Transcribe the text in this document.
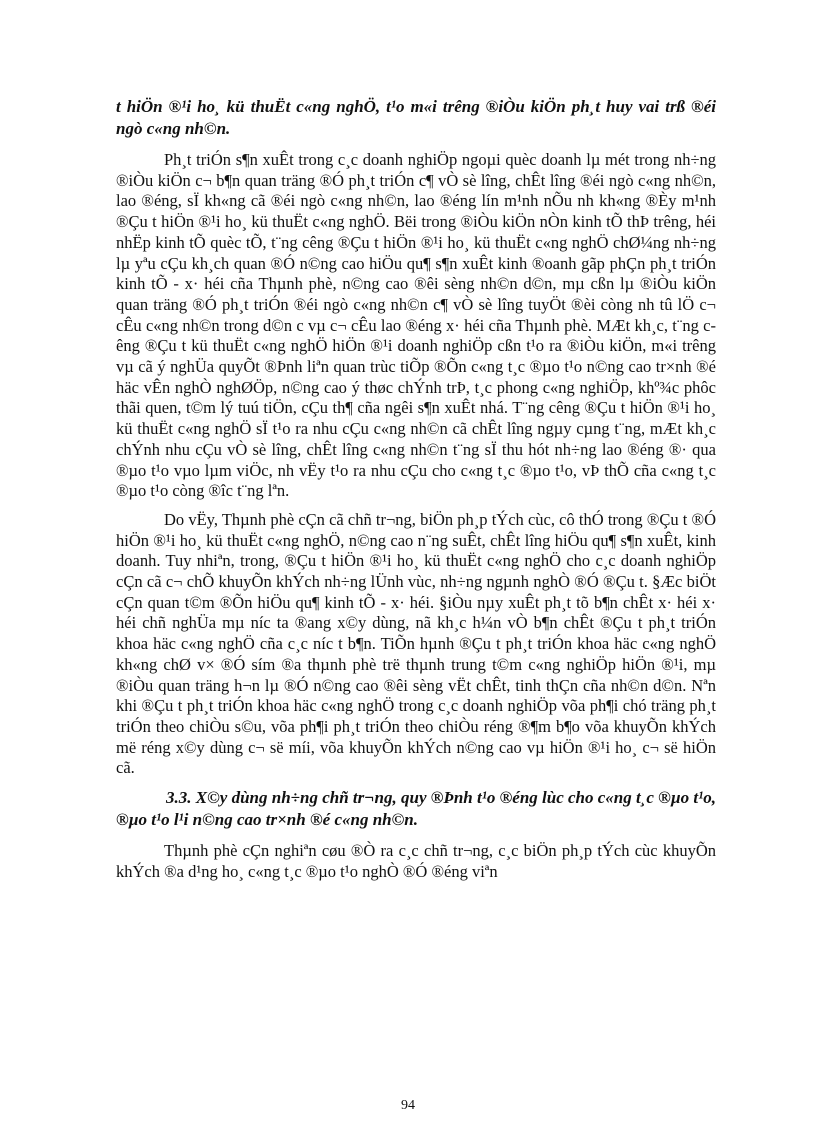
t hiÖn ®¹i ho¸ kü thuËt c«ng nghÖ, t¹o m«i trêng ®iÒu kiÖn ph¸t huy vai trß ®éi ngò c«ng nh©n.

Ph¸t triÓn s¶n xuÊt trong c¸c doanh nghiÖp ngoµi quèc doanh lµ mét trong nh÷ng ®iÒu kiÖn c¬ b¶n quan träng ®Ó ph¸t triÓn c¶ vÒ sè lîng, chÊt lîng ®éi ngò c«ng nh©n, lao ®éng, sÏ kh«ng cã ®éi ngò c«ng nh©n, lao ®éng lín m¹nh nÕu nh kh«ng ®Èy m¹nh ®Çu t hiÖn ®¹i ho¸ kü thuËt c«ng nghÖ. Bëi trong ®iÒu kiÖn nÒn kinh tÕ thÞ trêng, héi nhËp kinh tÕ quèc tÕ, t¨ng cêng ®Çu t hiÖn ®¹i ho¸ kü thuËt c«ng nghÖ chØ¼ng nh÷ng lµ yªu cÇu kh¸ch quan ®Ó n©ng cao hiÖu qu¶ s¶n xuÊt kinh ®oanh gãp phÇn ph¸t triÓn kinh tÕ - x· héi cña Thµnh phè, n©ng cao ®êi sèng nh©n d©n, mµ cßn lµ ®iÒu kiÖn quan träng ®Ó ph¸t triÓn ®éi ngò c«ng nh©n c¶ vÒ sè lîng tuyÖt ®èi còng nh tû lÖ c¬ cÊu c«ng nh©n trong d©n c vµ c¬ cÊu lao ®éng x· héi cña Thµnh phè. MÆt kh¸c, t¨ng cêng ®Çu t kü thuËt c«ng nghÖ hiÖn ®¹i doanh nghiÖp cßn t¹o ra ®iÒu kiÖn, m«i trêng vµ cã ý nghÜa quyÕt ®Þnh liªn quan trùc tiÕp ®Õn c«ng t¸c ®µo t¹o n©ng cao tr×nh ®é häc vÊn nghÒ nghØÖp, n©ng cao ý thøc chÝnh trÞ, t¸c phong c«ng nghiÖp, khº¾c phôc thãi quen, t©m lý tuú tiÖn, cÇu th¶ cña ngêi s¶n xuÊt nhá. T¨ng cêng ®Çu t hiÖn ®¹i ho¸ kü thuËt c«ng nghÖ sÏ t¹o ra nhu cÇu c«ng nh©n cã chÊt lîng ngµy cµng t¨ng, mÆt kh¸c chÝnh nhu cÇu vÒ sè lîng, chÊt lîng c«ng nh©n t¨ng sÏ thu hót nh÷ng lao ®éng ®· qua ®µo t¹o vµo lµm viÖc, nh vËy t¹o ra nhu cÇu cho c«ng t¸c ®µo t¹o, vÞ thÕ cña c«ng t¸c ®µo t¹o còng ®îc t¨ng lªn.

Do vËy, Thµnh phè cÇn cã chñ tr¬ng, biÖn ph¸p tÝch cùc, cô thÓ trong ®Çu t ®Ó hiÖn ®¹i ho¸ kü thuËt c«ng nghÖ, n©ng cao n¨ng suÊt, chÊt lîng hiÖu qu¶ s¶n xuÊt, kinh doanh. Tuy nhiªn, trong, ®Çu t hiÖn ®¹i ho¸ kü thuËt c«ng nghÖ cho c¸c doanh nghiÖp cÇn cã c¬ chÕ khuyÕn khÝch nh÷ng lÜnh vùc, nh÷ng ngµnh nghÒ ®Ó ®Çu t. §Æc biÖt cÇn quan t©m ®Õn hiÖu qu¶ kinh tÕ - x· héi. §iÒu nµy xuÊt ph¸t tõ b¶n chÊt x· héi x· héi chñ nghÜa mµ níc ta ®ang x©y dùng, nã kh¸c h¼n vÒ b¶n chÊt ®Çu t ph¸t triÓn khoa häc c«ng nghÖ cña c¸c níc t b¶n. TiÕn hµnh ®Çu t ph¸t triÓn khoa häc c«ng nghÖ kh«ng chØ v× ®Ó sím ®a thµnh phè trë thµnh trung t©m c«ng nghiÖp hiÖn ®¹i, mµ ®iÒu quan träng h¬n lµ ®Ó n©ng cao ®êi sèng vËt chÊt, tinh thÇn cña nh©n d©n. Nªn khi ®Çu t ph¸t triÓn khoa häc c«ng nghÖ trong c¸c doanh nghiÖp võa ph¶i chó träng ph¸t triÓn theo chiÒu s©u, võa ph¶i ph¸t triÓn theo chiÒu réng ®¶m b¶o võa khuyÕn khÝch më réng x©y dùng c¬ së míi, võa khuyÕn khÝch n©ng cao vµ hiÖn ®¹i ho¸ c¬ së hiÖn cã.

3.3. X©y dùng nh÷ng chñ tr¬ng, quy ®Þnh t¹o ®éng lùc cho c«ng t¸c ®µo t¹o, ®µo t¹o l¹i n©ng cao tr×nh ®é c«ng nh©n.

Thµnh phè cÇn nghiªn cøu ®Ò ra c¸c chñ tr¬ng, c¸c biÖn ph¸p tÝch cùc khuyÕn khÝch ®a d¹ng ho¸ c«ng t¸c ®µo t¹o nghÒ ®Ó ®éng viªn

94
